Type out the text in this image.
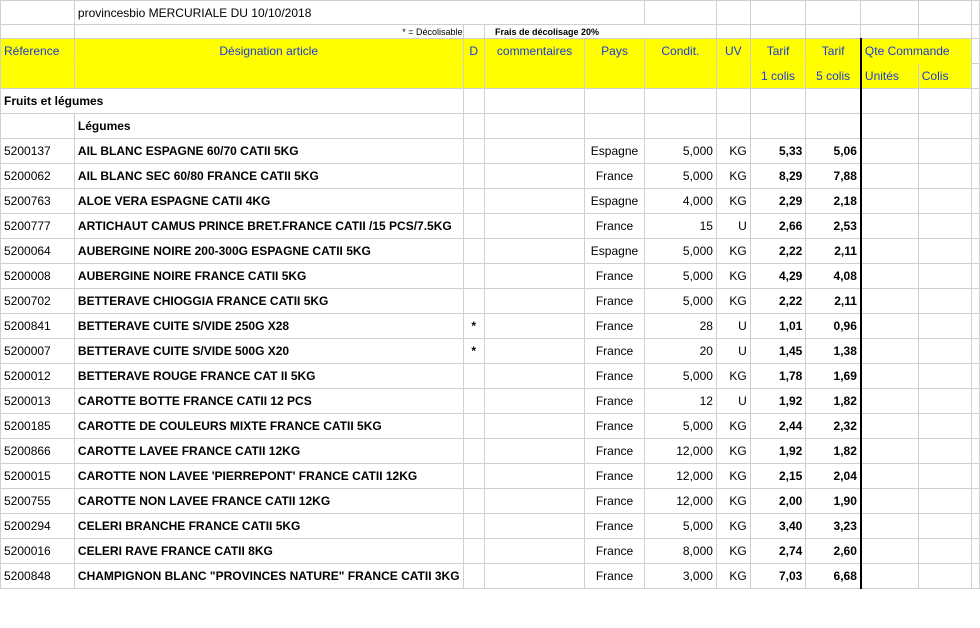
	provincesbio MERCURIALE DU 10/10/2018										
	* = Décolisable		Frais de décolisage 20%								
Réference	Désignation article	D	commentaires	Pays	Condit.	UV	Tarif	Tarif	Qte Commande		
							1 colis	5 colis	Unités	Colis	
Fruits et légumes											
	Légumes										
5200137	AIL BLANC ESPAGNE 60/70 CATII 5KG			Espagne	5,000	KG	5,33	5,06			
5200062	AIL BLANC SEC 60/80 FRANCE CATII 5KG			France	5,000	KG	8,29	7,88			
5200763	ALOE VERA ESPAGNE CATII 4KG			Espagne	4,000	KG	2,29	2,18			
5200777	ARTICHAUT CAMUS PRINCE BRET.FRANCE CATII /15 PCS/7.5KG			France	15	U	2,66	2,53			
5200064	AUBERGINE NOIRE 200-300G ESPAGNE CATII 5KG			Espagne	5,000	KG	2,22	2,11			
5200008	AUBERGINE NOIRE FRANCE CATII 5KG			France	5,000	KG	4,29	4,08			
5200702	BETTERAVE CHIOGGIA FRANCE CATII 5KG			France	5,000	KG	2,22	2,11			
5200841	BETTERAVE CUITE S/VIDE 250G X28	*		France	28	U	1,01	0,96			
5200007	BETTERAVE CUITE S/VIDE 500G X20	*		France	20	U	1,45	1,38			
5200012	BETTERAVE ROUGE FRANCE CAT II 5KG			France	5,000	KG	1,78	1,69			
5200013	CAROTTE BOTTE FRANCE CATII 12 PCS			France	12	U	1,92	1,82			
5200185	CAROTTE DE COULEURS MIXTE FRANCE CATII 5KG			France	5,000	KG	2,44	2,32			
5200866	CAROTTE LAVEE FRANCE CATII 12KG			France	12,000	KG	1,92	1,82			
5200015	CAROTTE NON LAVEE 'PIERREPONT' FRANCE CATII 12KG			France	12,000	KG	2,15	2,04			
5200755	CAROTTE NON LAVEE FRANCE CATII 12KG			France	12,000	KG	2,00	1,90			
5200294	CELERI BRANCHE FRANCE CATII 5KG			France	5,000	KG	3,40	3,23			
5200016	CELERI RAVE FRANCE CATII 8KG			France	8,000	KG	2,74	2,60			
5200848	CHAMPIGNON BLANC "PROVINCES NATURE" FRANCE CATII 3KG			France	3,000	KG	7,03	6,68			
